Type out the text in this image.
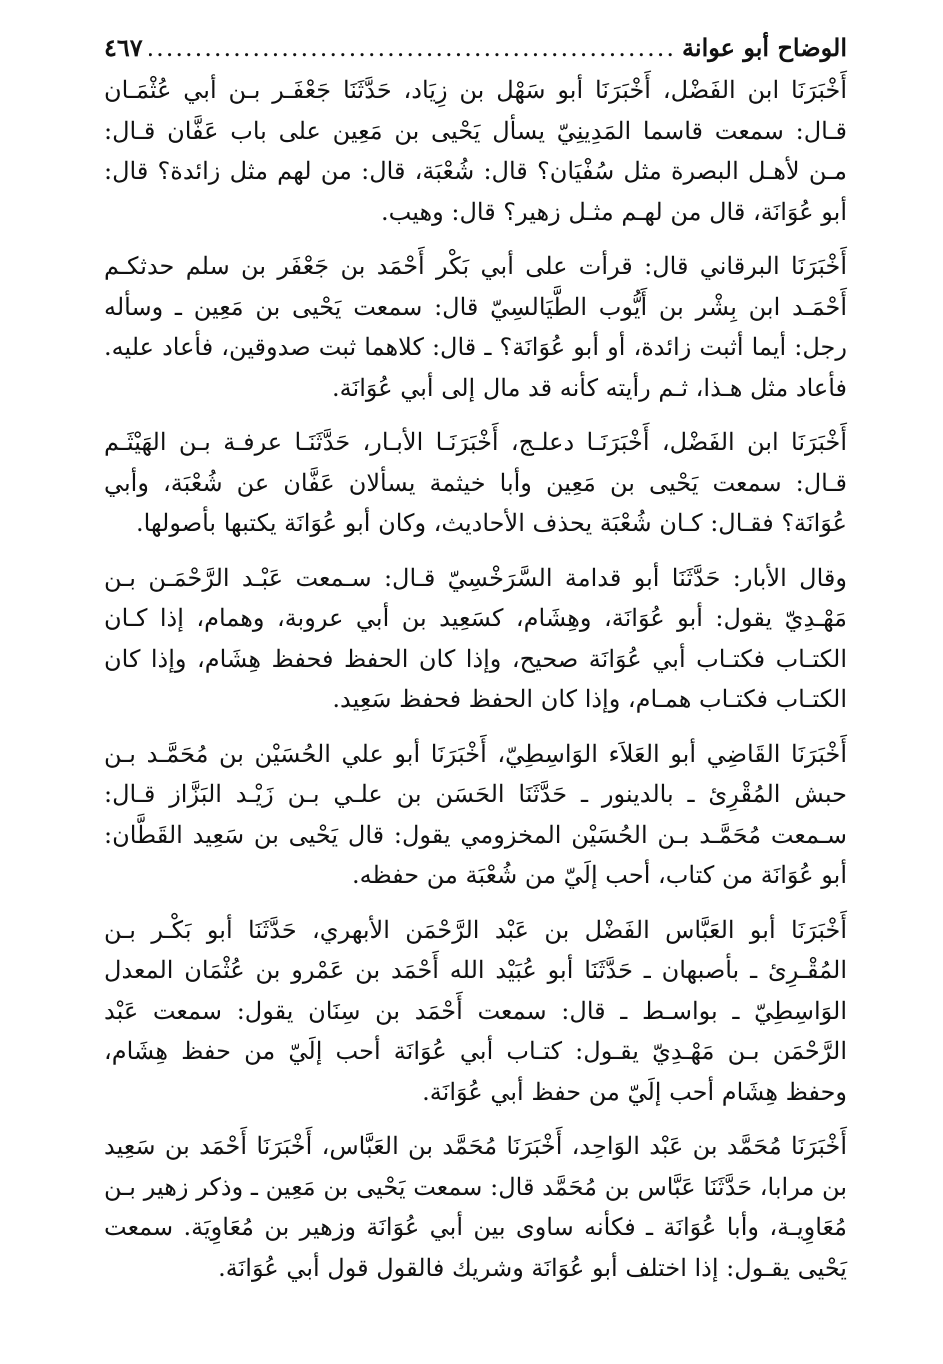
الوضاح أبو عوانة
.....
٤٦٧

أَخْبَرَنَا ابن الفَضْل، أَخْبَرَنَا أبو سَهْل بن زِيَاد، حَدَّثَنَا جَعْفَـر بـن أبي عُثْمَـان قـال: سمعت قاسما المَدِينِيّ يسأل يَحْيى بن مَعِين على باب عَفَّان قـال: مـن لأهـل البصرة مثل سُفْيَان؟ قال: شُعْبَة، قال: من لهم مثل زائدة؟ قال: أبو عُوَانَة، قال من لهـم مثـل زهير؟ قال: وهيب.

أَخْبَرَنَا البرقاني قال: قرأت على أبي بَكْر أَحْمَد بن جَعْفَر بن سلم حدثكـم أَحْمَـد ابن بِشْر بن أَيُّوب الطَّيَالسِيّ قال: سمعت يَحْيى بن مَعِين ـ وسأله رجل: أيما أثبت زائدة، أو أبو عُوَانَة؟ ـ قال: كلاهما ثبت صدوقين، فأعاد عليه. فأعاد مثل هـذا، ثـم رأيته كأنه قد مال إلى أبي عُوَانَة.

أَخْبَرَنَا ابن الفَضْل، أَخْبَرَنَـا دعلـج، أَخْبَرَنَـا الأبـار، حَدَّثَنَـا عرفـة بـن الهَيْثَـم قـال: سمعت يَحْيى بن مَعِين وأبا خيثمة يسألان عَفَّان عن شُعْبَة، وأبي عُوَانَة؟ فقـال: كـان شُعْبَة يحذف الأحاديث، وكان أبو عُوَانَة يكتبها بأصولها.

وقال الأبار: حَدَّثَنَا أبو قدامة السَّرَخْسِيّ قـال: سـمعت عَبْـد الرَّحْمَـن بـن مَهْـدِيّ يقول: أبو عُوَانَة، وهِشَام، كسَعِيد بن أبي عروبة، وهمام، إذا كـان الكتـاب فكتـاب أبي عُوَانَة صحيح، وإذا كان الحفظ فحفظ هِشَام، وإذا كان الكتـاب فكتـاب همـام، وإذا كان الحفظ فحفظ سَعِيد.

أَخْبَرَنَا القَاضِي أبو العَلاَء الوَاسِطِيّ، أَخْبَرَنَا أبو علي الحُسَيْن بن مُحَمَّـد بـن حبش المُقْرِئ ـ بالدينور ـ حَدَّثَنَا الحَسَن بن علـي بـن زَيْـد البَزَّاز قـال: سـمعت مُحَمَّـد بـن الحُسَيْن المخزومي يقول: قال يَحْيى بن سَعِيد القَطَّان: أبو عُوَانَة من كتاب، أحب إلَيّ من شُعْبَة من حفظه.

أَخْبَرَنَا أبو العَبَّاس الفَضْل بن عَبْد الرَّحْمَن الأبهري، حَدَّثَنَا أبو بَكْـر بـن المُقْـرِئ ـ بأصبهان ـ حَدَّثَنَا أبو عُبَيْد الله أَحْمَد بن عَمْرو بن عُثْمَان المعدل الوَاسِطِيّ ـ بواسـط ـ قال: سمعت أَحْمَد بن سِنَان يقول: سمعت عَبْد الرَّحْمَن بـن مَهْـدِيّ يقـول: كتـاب أبي عُوَانَة أحب إلَيّ من حفظ هِشَام، وحفظ هِشَام أحب إلَيّ من حفظ أبي عُوَانَة.

أَخْبَرَنَا مُحَمَّد بن عَبْد الوَاحِد، أَخْبَرَنَا مُحَمَّد بن العَبَّاس، أَخْبَرَنَا أَحْمَد بن سَعِيد بن مرابا، حَدَّثَنَا عَبَّاس بن مُحَمَّد قال: سمعت يَحْيى بن مَعِين ـ وذكر زهير بـن مُعَاوِيـة، وأبا عُوَانَة ـ فكأنه ساوى بين أبي عُوَانَة وزهير بن مُعَاوِيَة. سمعت يَحْيى يقـول: إذا اختلف أبو عُوَانَة وشريك فالقول قول أبي عُوَانَة.
